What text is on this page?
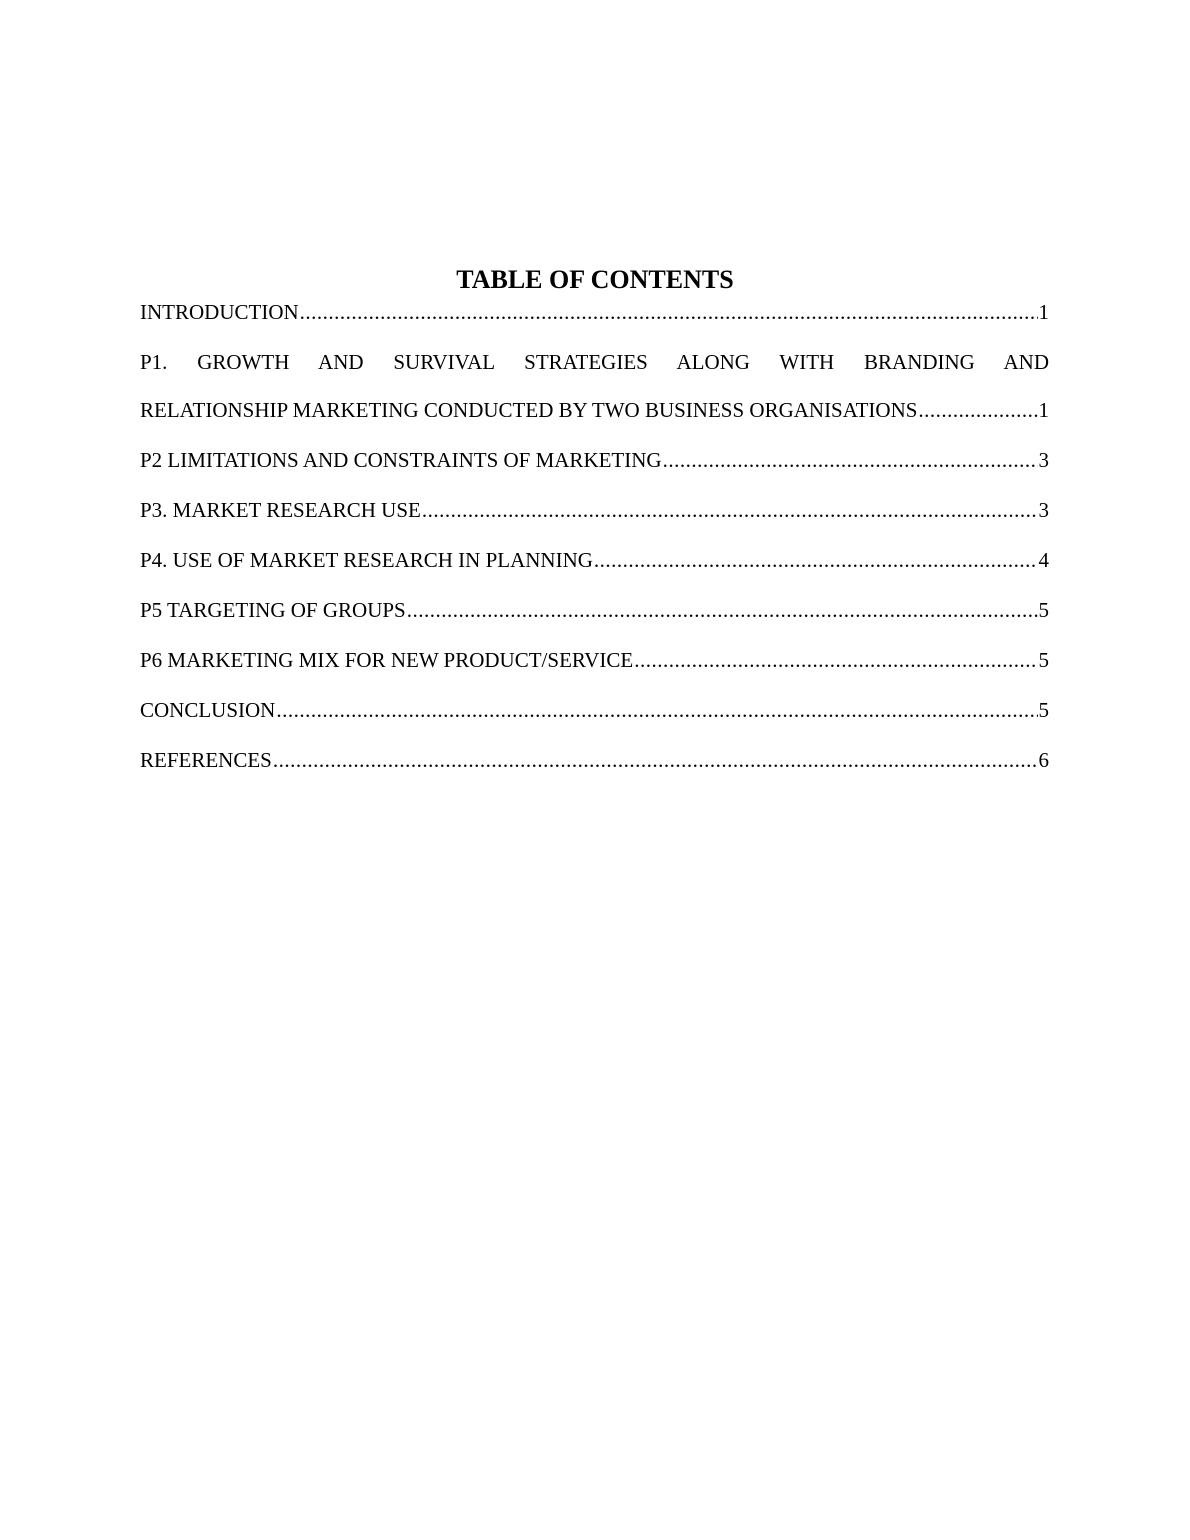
TABLE OF CONTENTS
INTRODUCTION .....	1
P1. GROWTH AND SURVIVAL STRATEGIES ALONG WITH BRANDING AND
RELATIONSHIP MARKETING CONDUCTED BY TWO BUSINESS ORGANISATIONS .....	1
P2 LIMITATIONS AND CONSTRAINTS OF MARKETING .....	3
P3. MARKET RESEARCH USE .....	3
P4. USE OF MARKET RESEARCH IN PLANNING .....	4
P5 TARGETING OF GROUPS .....	5
P6 MARKETING MIX FOR NEW PRODUCT/SERVICE .....	5
CONCLUSION .....	5
REFERENCES .....	6
